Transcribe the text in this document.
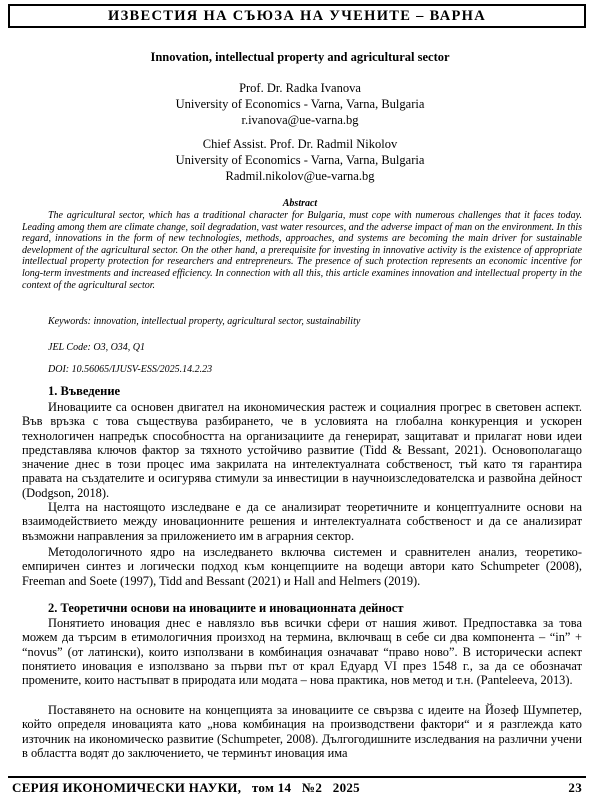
ИЗВЕСТИЯ НА СЪЮЗА НА УЧЕНИТЕ – ВАРНА
Innovation, intellectual property and agricultural sector
Prof. Dr. Radka Ivanova
University of Economics - Varna, Varna, Bulgaria
r.ivanova@ue-varna.bg
Chief Assist. Prof. Dr. Radmil Nikolov
University of Economics - Varna, Varna, Bulgaria
Radmil.nikolov@ue-varna.bg
Abstract
The agricultural sector, which has a traditional character for Bulgaria, must cope with numerous challenges that it faces today. Leading among them are climate change, soil degradation, vast water resources, and the adverse impact of man on the environment. In this regard, innovations in the form of new technologies, methods, approaches, and systems are becoming the main driver for sustainable development of the agricultural sector. On the other hand, a prerequisite for investing in innovative activity is the existence of appropriate intellectual property protection for researchers and entrepreneurs. The presence of such protection represents an economic incentive for long-term investments and increased efficiency. In connection with all this, this article examines innovation and intellectual property in the context of the agricultural sector.
Keywords: innovation, intellectual property, agricultural sector, sustainability
JEL Code: O3, O34, Q1
DOI: 10.56065/IJUSV-ESS/2025.14.2.23
1. Въведение
Иновациите са основен двигател на икономическия растеж и социалния прогрес в световен аспект. Във връзка с това съществува разбирането, че в условията на глобална конкуренция и ускорен технологичен напредък способността на организациите да генерират, защитават и прилагат нови идеи представлява ключов фактор за тяхното устойчиво развитие (Tidd & Bessant, 2021). Основополагащо значение днес в този процес има закрилата на интелектуалната собственост, тъй като тя гарантира правата на създателите и осигурява стимули за инвестиции в научноизследователска и развойна дейност (Dodgson, 2018).
Целта на настоящото изследване е да се анализират теоретичните и концептуалните основи на взаимодействието между иновационните решения и интелектуалната собственост и да се анализират възможни направления за приложението им в аграрния сектор.
Методологичното ядро на изследването включва системен и сравнителен анализ, теоретико-емпиричен синтез и логически подход към концепциите на водещи автори като Schumpeter (2008), Freeman and Soete (1997), Tidd and Bessant (2021) и Hall and Helmers (2019).
2. Теоретични основи на иновациите и иновационната дейност
Понятието иновация днес е навлязло във всички сфери от нашия живот. Предпоставка за това можем да търсим в етимологичния произход на термина, включващ в себе си два компонента – “in” + “novus” (от латински), които използвани в комбинация означават “право ново”. В исторически аспект понятието иновация е използвано за първи път от крал Едуард VI през 1548 г., за да се обозначат промените, които настъпват в природата или модата – нова практика, нов метод и т.н. (Panteleeva, 2013).
Поставянето на основите на концепцията за иновациите се свързва с идеите на Йозеф Шумпетер, който определя иновацията като „нова комбинация на производствени фактори“ и я разглежда като източник на икономическо развитие (Schumpeter, 2008). Дългогодишните изследвания на различни учени в областта водят до заключението, че терминът иновация има
СЕРИЯ ИКОНОМИЧЕСКИ НАУКИ, том 14 №2 2025	23
